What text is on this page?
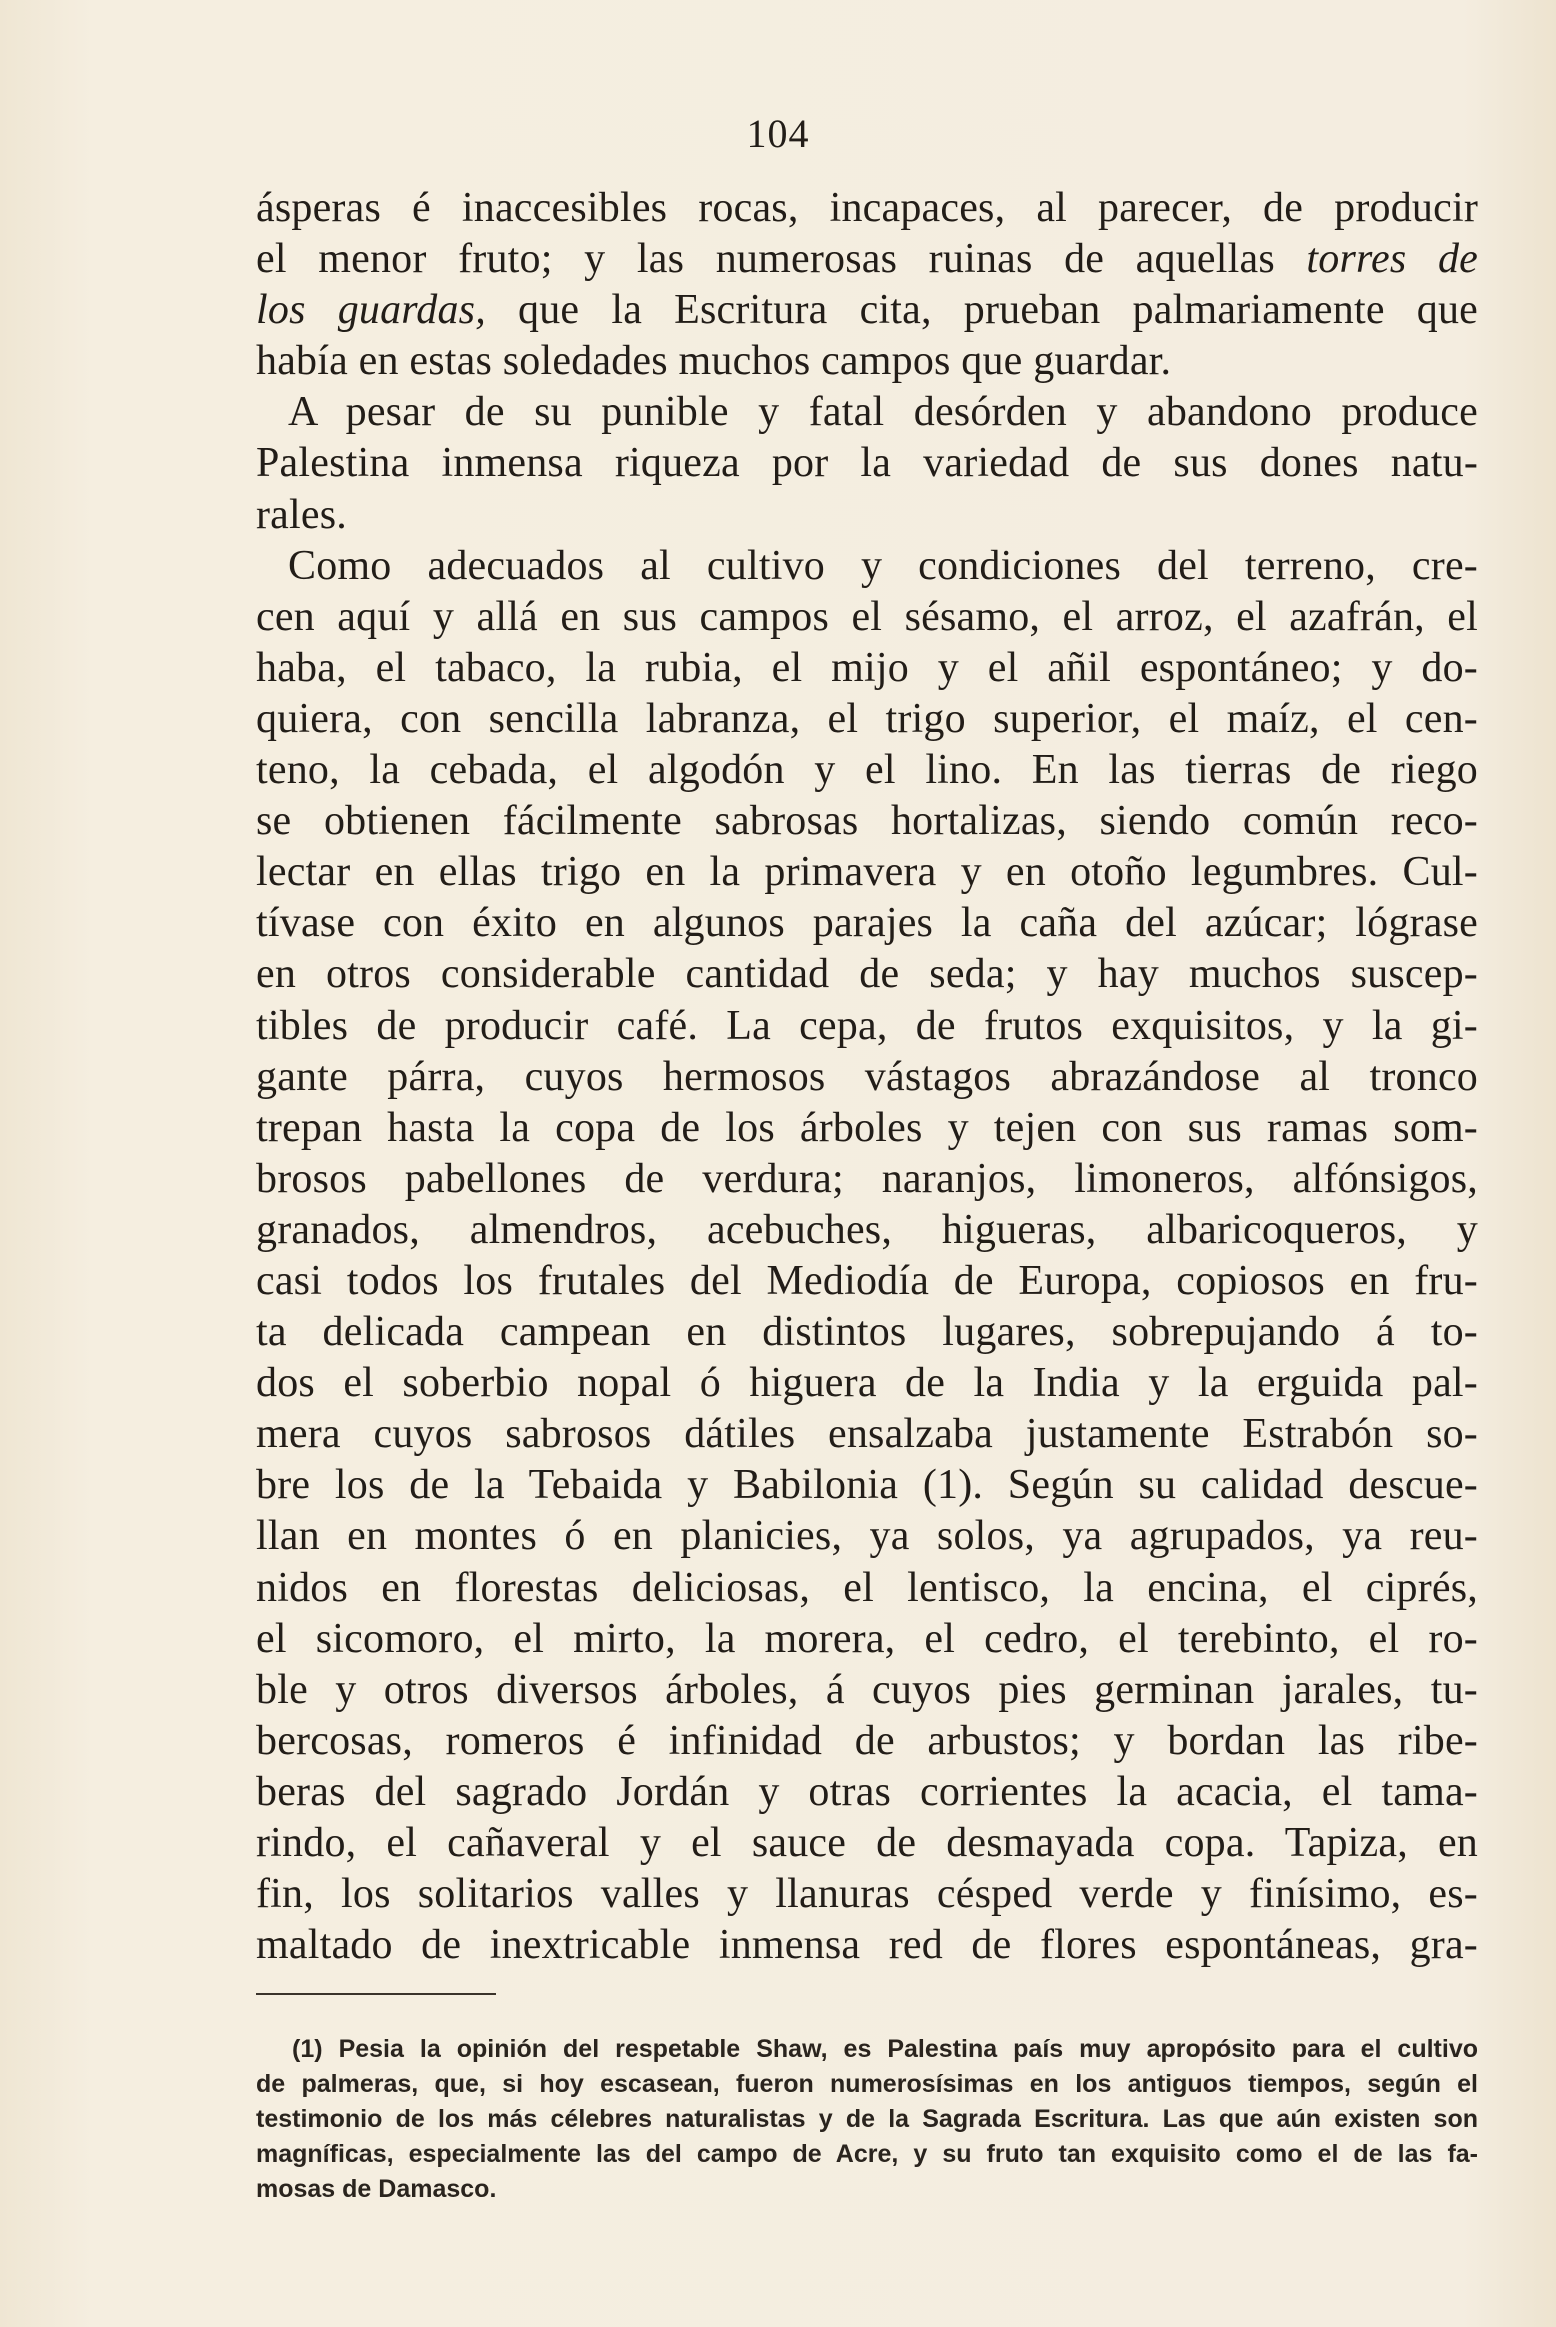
104
ásperas é inaccesibles rocas, incapaces, al parecer, de producir
el menor fruto; y las numerosas ruinas de aquellas torres de
los guardas, que la Escritura cita, prueban palmariamente que
había en estas soledades muchos campos que guardar.
A pesar de su punible y fatal desórden y abandono produce
Palestina inmensa riqueza por la variedad de sus dones natu-
rales.
Como adecuados al cultivo y condiciones del terreno, cre-
cen aquí y allá en sus campos el sésamo, el arroz, el azafrán, el
haba, el tabaco, la rubia, el mijo y el añil espontáneo; y do-
quiera, con sencilla labranza, el trigo superior, el maíz, el cen-
teno, la cebada, el algodón y el lino. En las tierras de riego
se obtienen fácilmente sabrosas hortalizas, siendo común reco-
lectar en ellas trigo en la primavera y en otoño legumbres. Cul-
tívase con éxito en algunos parajes la caña del azúcar; lógrase
en otros considerable cantidad de seda; y hay muchos suscep-
tibles de producir café. La cepa, de frutos exquisitos, y la gi-
gante párra, cuyos hermosos vástagos abrazándose al tronco
trepan hasta la copa de los árboles y tejen con sus ramas som-
brosos pabellones de verdura; naranjos, limoneros, alfónsigos,
granados, almendros, acebuches, higueras, albaricoqueros, y
casi todos los frutales del Mediodía de Europa, copiosos en fru-
ta delicada campean en distintos lugares, sobrepujando á to-
dos el soberbio nopal ó higuera de la India y la erguida pal-
mera cuyos sabrosos dátiles ensalzaba justamente Estrabón so-
bre los de la Tebaida y Babilonia (1). Según su calidad descue-
llan en montes ó en planicies, ya solos, ya agrupados, ya reu-
nidos en florestas deliciosas, el lentisco, la encina, el ciprés,
el sicomoro, el mirto, la morera, el cedro, el terebinto, el ro-
ble y otros diversos árboles, á cuyos pies germinan jarales, tu-
bercosas, romeros é infinidad de arbustos; y bordan las ribe-
beras del sagrado Jordán y otras corrientes la acacia, el tama-
rindo, el cañaveral y el sauce de desmayada copa. Tapiza, en
fin, los solitarios valles y llanuras césped verde y finísimo, es-
maltado de inextricable inmensa red de flores espontáneas, gra-
(1) Pesia la opinión del respetable Shaw, es Palestina país muy apropósito para el cultivo
de palmeras, que, si hoy escasean, fueron numerosísimas en los antiguos tiempos, según el
testimonio de los más célebres naturalistas y de la Sagrada Escritura. Las que aún existen son
magníficas, especialmente las del campo de Acre, y su fruto tan exquisito como el de las fa-
mosas de Damasco.
